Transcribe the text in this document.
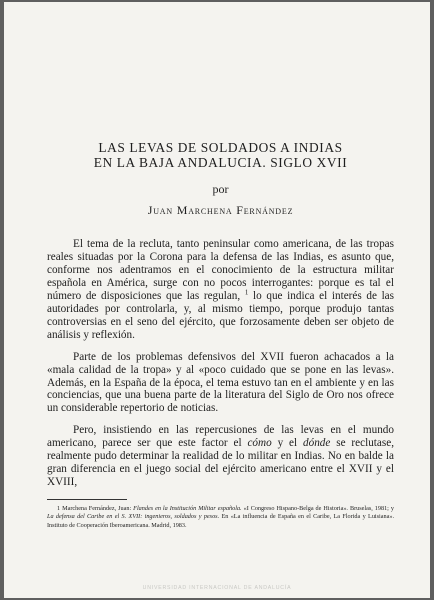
LAS LEVAS DE SOLDADOS A INDIAS
EN LA BAJA ANDALUCIA. SIGLO XVII

por

Juan Marchena Fernández

El tema de la recluta, tanto peninsular como americana, de las tropas reales situadas por la Corona para la defensa de las Indias, es asunto que, conforme nos adentramos en el conocimiento de la estructura militar española en América, surge con no pocos interrogantes: porque es tal el número de disposiciones que las regulan, $^1$ lo que indica el interés de las autoridades por controlarla, y, al mismo tiempo, porque produjo tantas controversias en el seno del ejército, que forzosamente deben ser objeto de análisis y reflexión.

Parte de los problemas defensivos del XVII fueron achacados a la «mala calidad de la tropa» y al «poco cuidado que se pone en las levas». Además, en la España de la época, el tema estuvo tan en el ambiente y en las conciencias, que una buena parte de la literatura del Siglo de Oro nos ofrece un considerable repertorio de noticias.

Pero, insistiendo en las repercusiones de las levas en el mundo americano, parece ser que este factor el cómo y el dónde se reclutase, realmente pudo determinar la realidad de lo militar en Indias. No en balde la gran diferencia en el juego social del ejército americano entre el XVII y el XVIII,

1 Marchena Fernández, Juan: Flandes en la Institución Militar española. «I Congreso Hispano-Belga de Historia». Bruselas, 1981; y La defensa del Caribe en el S. XVII: ingenieros, soldados y pesos. En «La influencia de España en el Caribe, La Florida y Luisiana». Instituto de Cooperación Iberoamericana. Madrid, 1983.

UNIVERSIDAD INTERNACIONAL DE ANDALUCÍA
